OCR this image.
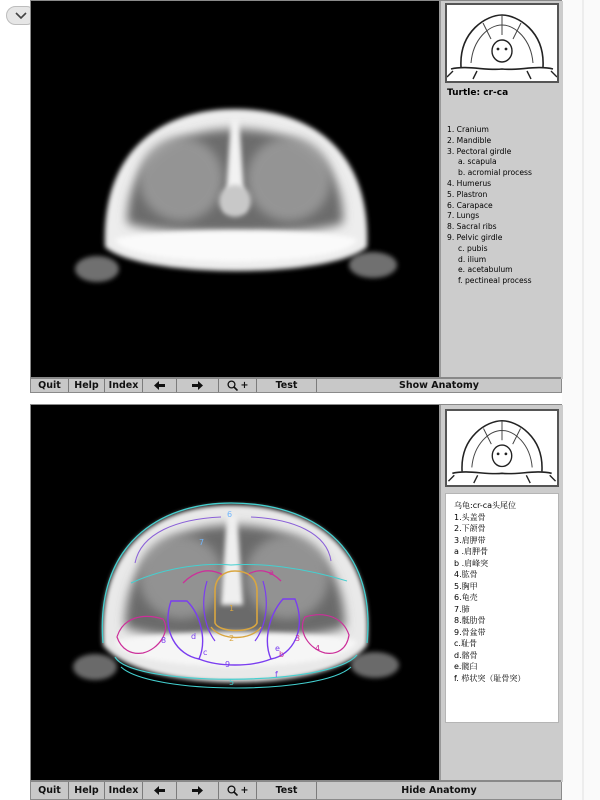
Turtle: cr-ca
1. Cranium
2. Mandible
3. Pectoral girdle
a. scapula
b. acromial process
4. Humerus
5. Plastron
6. Carapace
7. Lungs
8. Sacral ribs
9. Pelvic girdle
c. pubis
d. ilium
e. acetabulum
f. pectineal process
Quit	Help	Index	+	Test	Show Anatomy
6
7
a
b
1
2	3
4
5
8
9
c
d
e
f
乌龟:cr-ca头尾位
1.头盖骨
2.下颌骨
3.肩胛带
a .肩胛骨
b .肩峰突
4.肱骨
5.胸甲
6.龟壳
7.肺
8.骶肋骨
9.骨盆带
c.耻骨
d.髂骨
e.髋臼
f. 栉状突（耻骨突）
Quit	Help	Index	+	Test	Hide Anatomy
